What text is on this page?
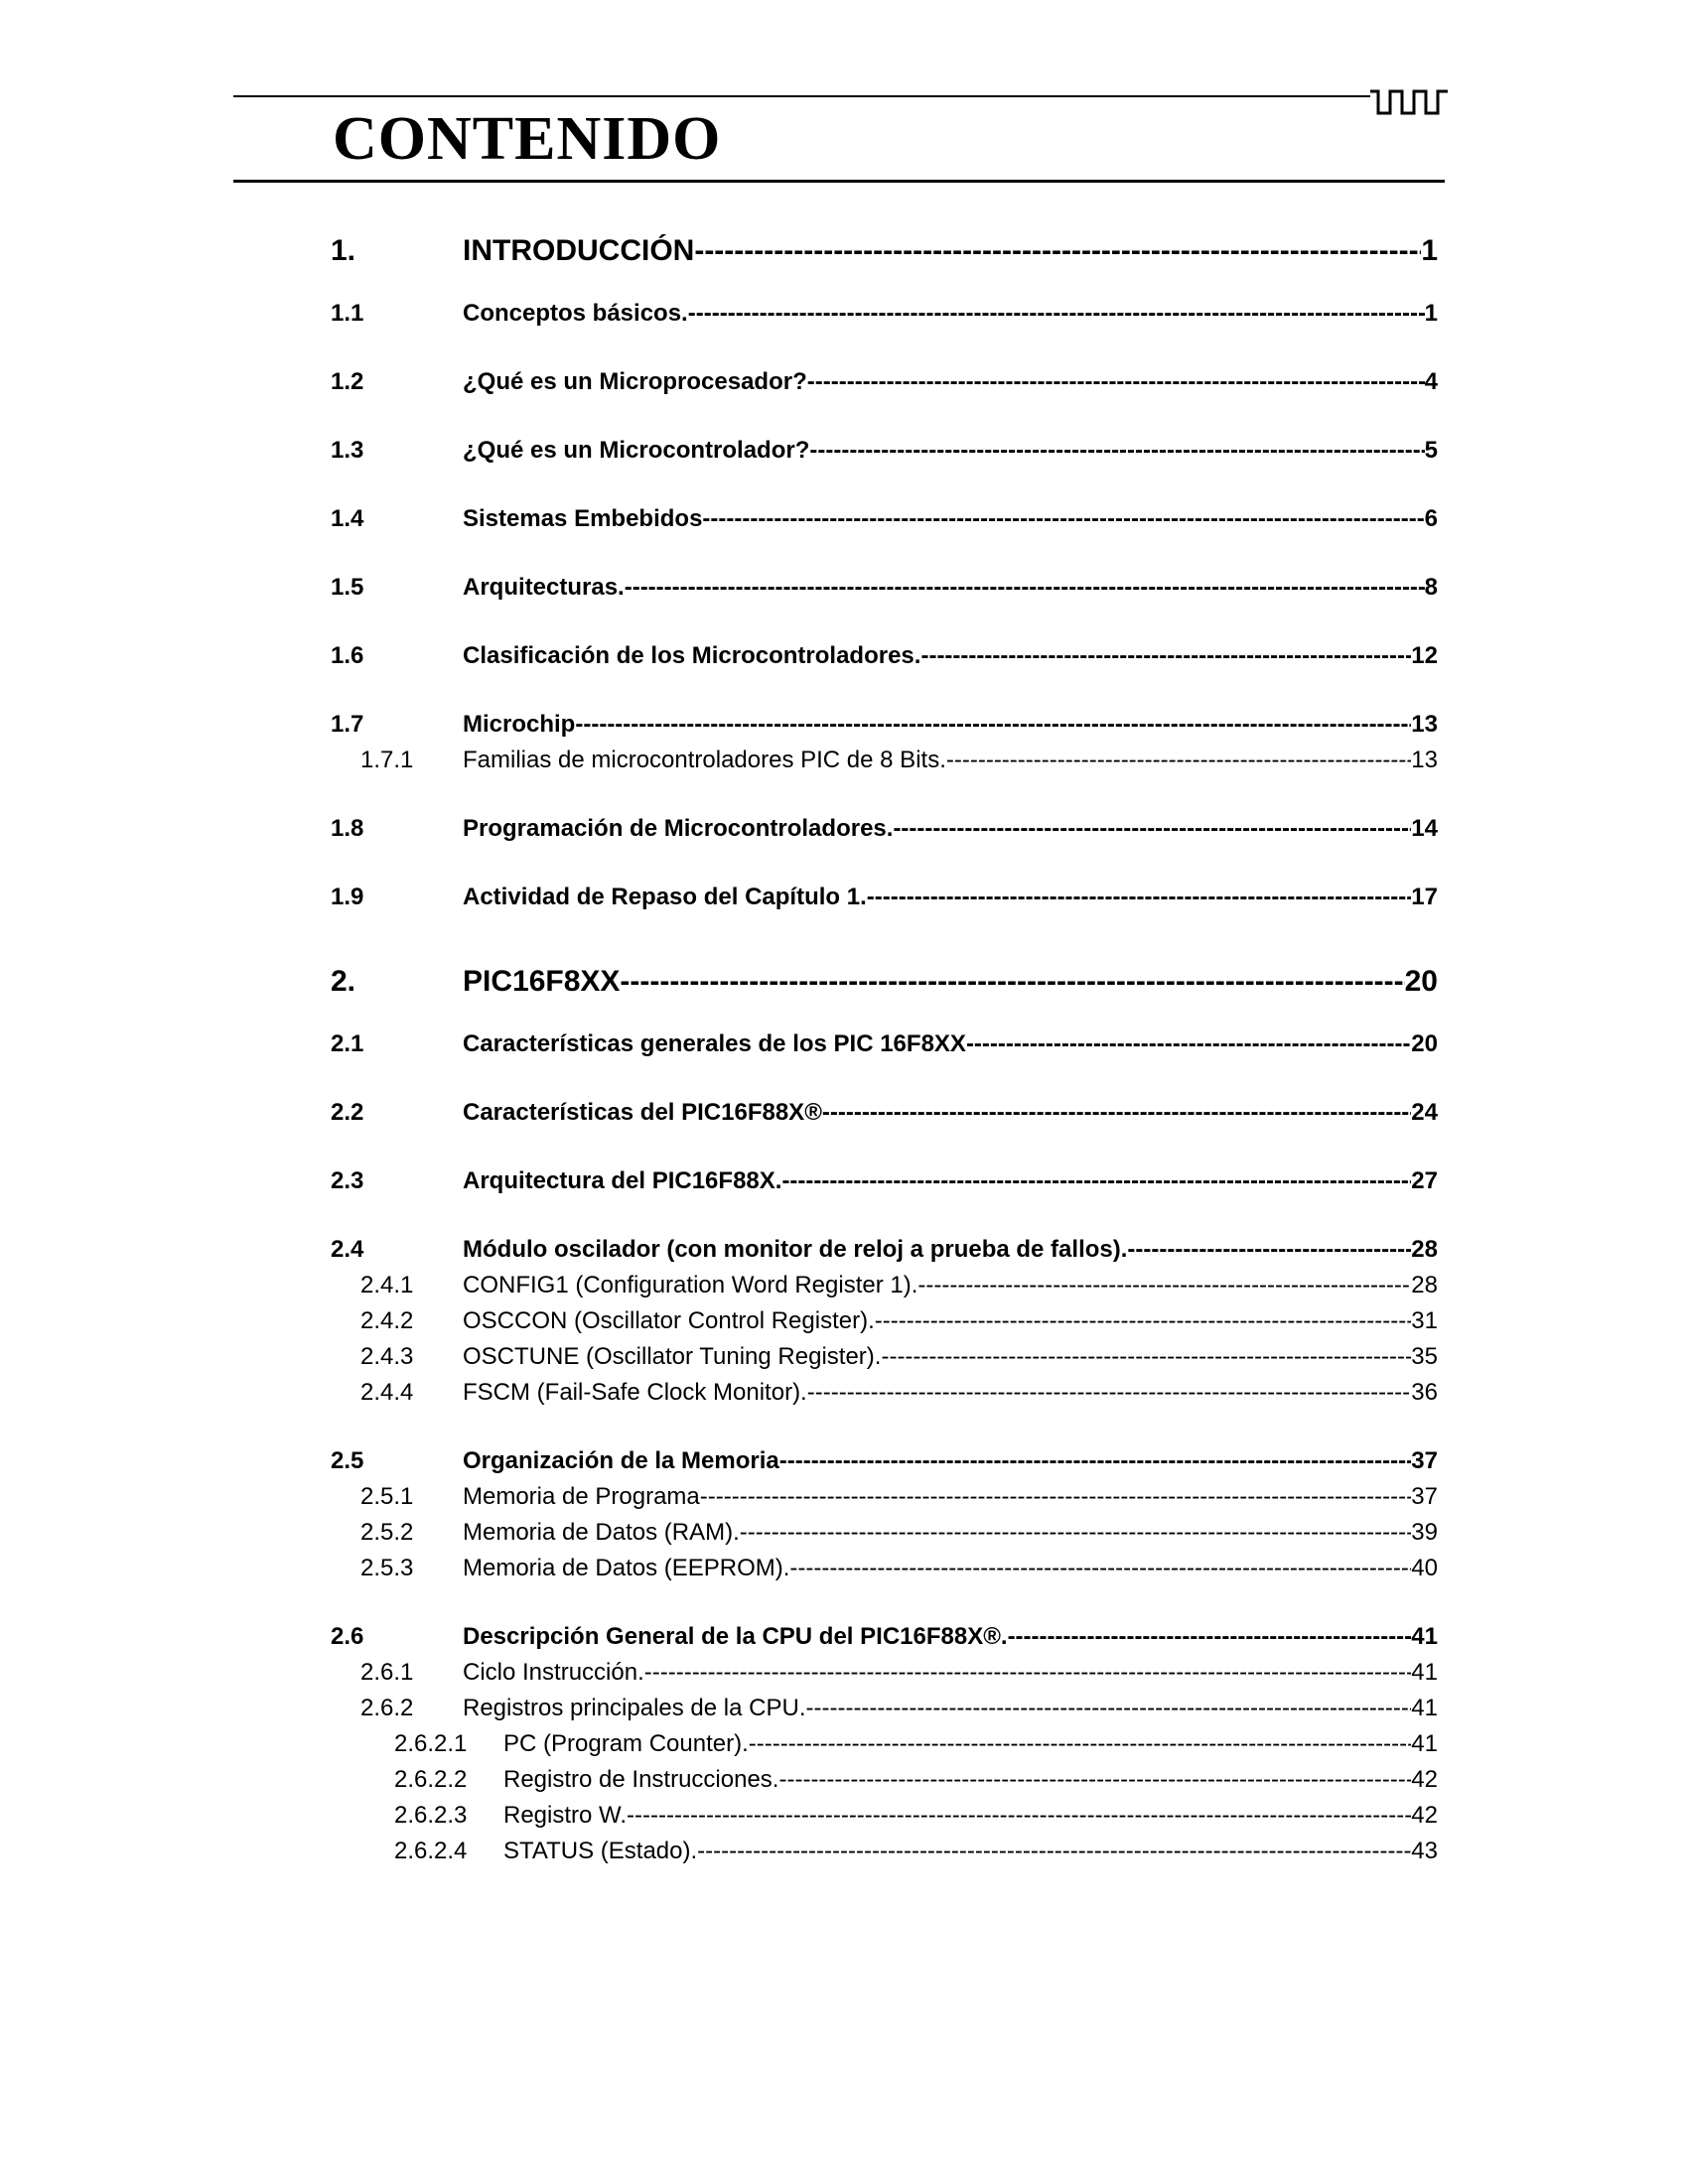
CONTENIDO
1.	INTRODUCCIÓN -----	1
1.1	Conceptos básicos. -----	1
1.2	¿Qué es un Microprocesador? -----	4
1.3	¿Qué es un Microcontrolador? -----	5
1.4	Sistemas Embebidos -----	6
1.5	Arquitecturas. -----	8
1.6	Clasificación de los Microcontroladores. -----	12
1.7	Microchip -----	13
1.7.1	Familias de microcontroladores PIC de 8 Bits. -----	13
1.8	Programación de Microcontroladores. -----	14
1.9	Actividad de Repaso del Capítulo 1. -----	17
2.	PIC16F8XX -----	20
2.1	Características generales de los PIC 16F8XX -----	20
2.2	Características del PIC16F88X® -----	24
2.3	Arquitectura del PIC16F88X. -----	27
2.4	Módulo oscilador (con monitor de reloj a prueba de fallos). -----	28
2.4.1	CONFIG1 (Configuration Word Register 1). -----	28
2.4.2	OSCCON (Oscillator Control Register). -----	31
2.4.3	OSCTUNE (Oscillator Tuning Register). -----	35
2.4.4	FSCM (Fail-Safe Clock Monitor). -----	36
2.5	Organización de la Memoria -----	37
2.5.1	Memoria de Programa -----	37
2.5.2	Memoria de Datos (RAM). -----	39
2.5.3	Memoria de Datos (EEPROM). -----	40
2.6	Descripción General de la CPU del PIC16F88X®. -----	41
2.6.1	Ciclo Instrucción. -----	41
2.6.2	Registros principales de la CPU. -----	41
2.6.2.1	PC (Program Counter). -----	41
2.6.2.2	Registro de Instrucciones. -----	42
2.6.2.3	Registro W. -----	42
2.6.2.4	STATUS (Estado). -----	43
